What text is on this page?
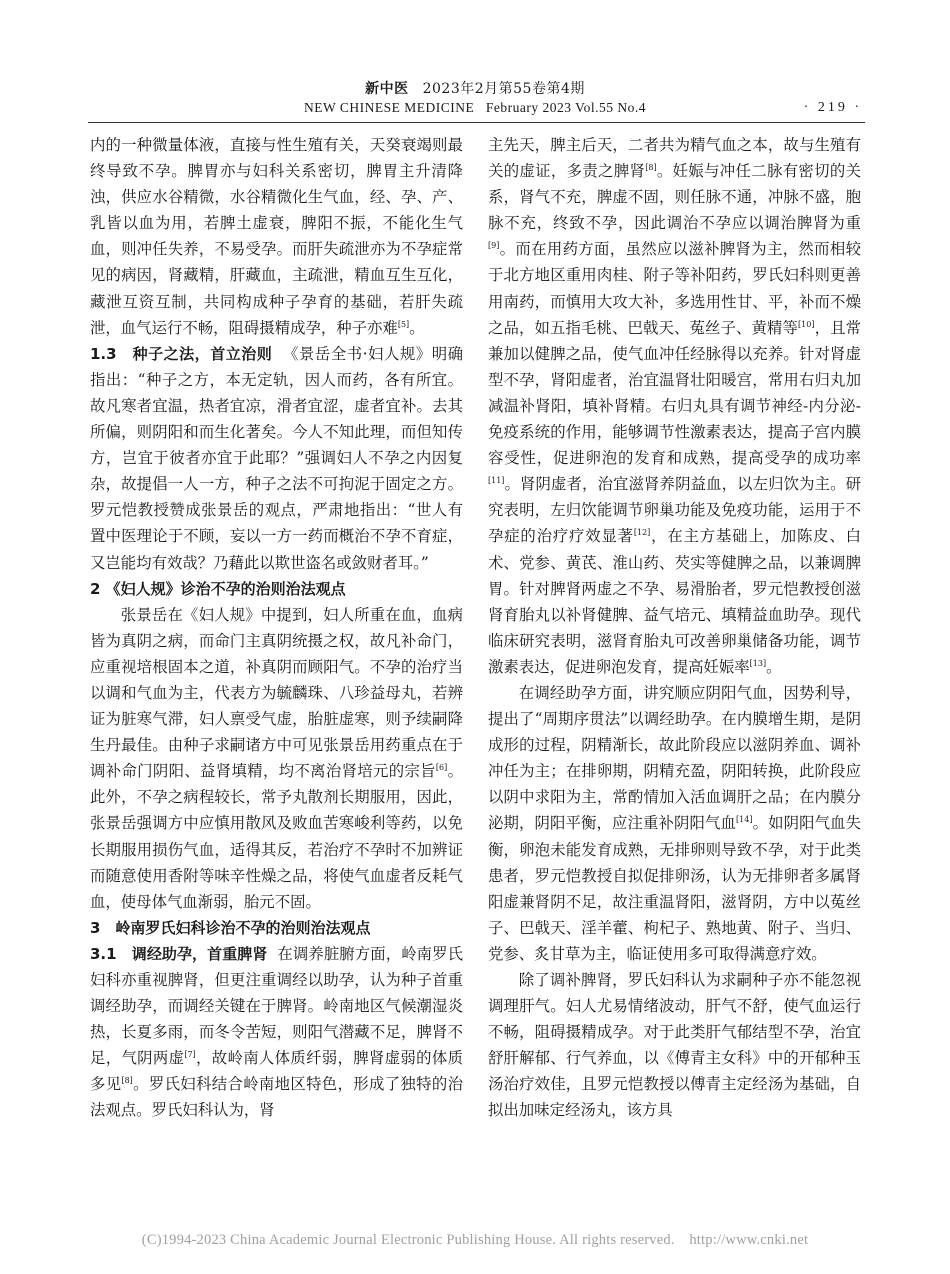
新中医 2023年2月第55卷第4期
NEW CHINESE MEDICINE February 2023 Vol.55 No.4	· 219 ·

内的一种微量体液，直接与性生殖有关，天癸衰竭则最终导致不孕。脾胃亦与妇科关系密切，脾胃主升清降浊，供应水谷精微，水谷精微化生气血，经、孕、产、乳皆以血为用，若脾土虚衰，脾阳不振，不能化生气血，则冲任失养，不易受孕。而肝失疏泄亦为不孕症常见的病因，肾藏精，肝藏血，主疏泄，精血互生互化，藏泄互资互制，共同构成种子孕育的基础，若肝失疏泄，血气运行不畅，阻碍摄精成孕，种子亦难[5]。

1.3　种子之法，首立治则 《景岳全书·妇人规》明确指出：“种子之方，本无定轨，因人而药，各有所宜。故凡寒者宜温，热者宜凉，滑者宜涩，虚者宜补。去其所偏，则阴阳和而生化著矣。今人不知此理，而但知传方，岂宜于彼者亦宜于此耶？”强调妇人不孕之内因复杂，故提倡一人一方，种子之法不可拘泥于固定之方。罗元恺教授赞成张景岳的观点，严肃地指出：“世人有置中医理论于不顾，妄以一方一药而概治不孕不育症，又岂能均有效哉？乃藉此以欺世盗名或敛财者耳。”

2 《妇人规》诊治不孕的治则治法观点

张景岳在《妇人规》中提到，妇人所重在血，血病皆为真阴之病，而命门主真阴统摄之权，故凡补命门，应重视培根固本之道，补真阴而顾阳气。不孕的治疗当以调和气血为主，代表方为毓麟珠、八珍益母丸，若辨证为脏寒气滞，妇人禀受气虚，胎脏虚寒，则予续嗣降生丹最佳。由种子求嗣诸方中可见张景岳用药重点在于调补命门阴阳、益肾填精，均不离治肾培元的宗旨[6]。此外，不孕之病程较长，常予丸散剂长期服用，因此，张景岳强调方中应慎用散风及败血苦寒峻利等药，以免长期服用损伤气血，适得其反，若治疗不孕时不加辨证而随意使用香附等味辛性燥之品，将使气血虚者反耗气血，使母体气血渐弱，胎元不固。

3　岭南罗氏妇科诊治不孕的治则治法观点

3.1　调经助孕，首重脾肾 在调养脏腑方面，岭南罗氏妇科亦重视脾肾，但更注重调经以助孕，认为种子首重调经助孕，而调经关键在于脾肾。岭南地区气候潮湿炎热，长夏多雨，而冬令苦短，则阳气潜藏不足，脾肾不足，气阴两虚[7]，故岭南人体质纤弱，脾肾虚弱的体质多见[8]。罗氏妇科结合岭南地区特色，形成了独特的治法观点。罗氏妇科认为，肾

主先天，脾主后天，二者共为精气血之本，故与生殖有关的虚证，多责之脾肾[8]。妊娠与冲任二脉有密切的关系，肾气不充，脾虚不固，则任脉不通，冲脉不盛，胞脉不充，终致不孕，因此调治不孕应以调治脾肾为重[9]。而在用药方面，虽然应以滋补脾肾为主，然而相较于北方地区重用肉桂、附子等补阳药，罗氏妇科则更善用南药，而慎用大攻大补，多选用性甘、平，补而不燥之品，如五指毛桃、巴戟天、菟丝子、黄精等[10]，且常兼加以健脾之品，使气血冲任经脉得以充养。针对肾虚型不孕，肾阳虚者，治宜温肾壮阳暖宫，常用右归丸加减温补肾阳，填补肾精。右归丸具有调节神经-内分泌-免疫系统的作用，能够调节性激素表达，提高子宫内膜容受性，促进卵泡的发育和成熟，提高受孕的成功率[11]。肾阴虚者，治宜滋肾养阴益血，以左归饮为主。研究表明，左归饮能调节卵巢功能及免疫功能，运用于不孕症的治疗疗效显著[12]，在主方基础上，加陈皮、白术、党参、黄芪、淮山药、芡实等健脾之品，以兼调脾胃。针对脾肾两虚之不孕、易滑胎者，罗元恺教授创滋肾育胎丸以补肾健脾、益气培元、填精益血助孕。现代临床研究表明，滋肾育胎丸可改善卵巢储备功能，调节激素表达，促进卵泡发育，提高妊娠率[13]。

在调经助孕方面，讲究顺应阴阳气血，因势利导，提出了“周期序贯法”以调经助孕。在内膜增生期，是阴成形的过程，阴精渐长，故此阶段应以滋阴养血、调补冲任为主；在排卵期，阴精充盈，阴阳转换，此阶段应以阴中求阳为主，常酌情加入活血调肝之品；在内膜分泌期，阴阳平衡，应注重补阴阳气血[14]。如阴阳气血失衡，卵泡未能发育成熟，无排卵则导致不孕，对于此类患者，罗元恺教授自拟促排卵汤，认为无排卵者多属肾阳虚兼肾阴不足，故注重温肾阳，滋肾阴，方中以菟丝子、巴戟天、淫羊藿、枸杞子、熟地黄、附子、当归、党参、炙甘草为主，临证使用多可取得满意疗效。

除了调补脾肾，罗氏妇科认为求嗣种子亦不能忽视调理肝气。妇人尤易情绪波动，肝气不舒，使气血运行不畅，阻碍摄精成孕。对于此类肝气郁结型不孕，治宜舒肝解郁、行气养血，以《傅青主女科》中的开郁种玉汤治疗效佳，且罗元恺教授以傅青主定经汤为基础，自拟出加味定经汤丸，该方具

(C)1994-2023 China Academic Journal Electronic Publishing House. All rights reserved.　http://www.cnki.net
